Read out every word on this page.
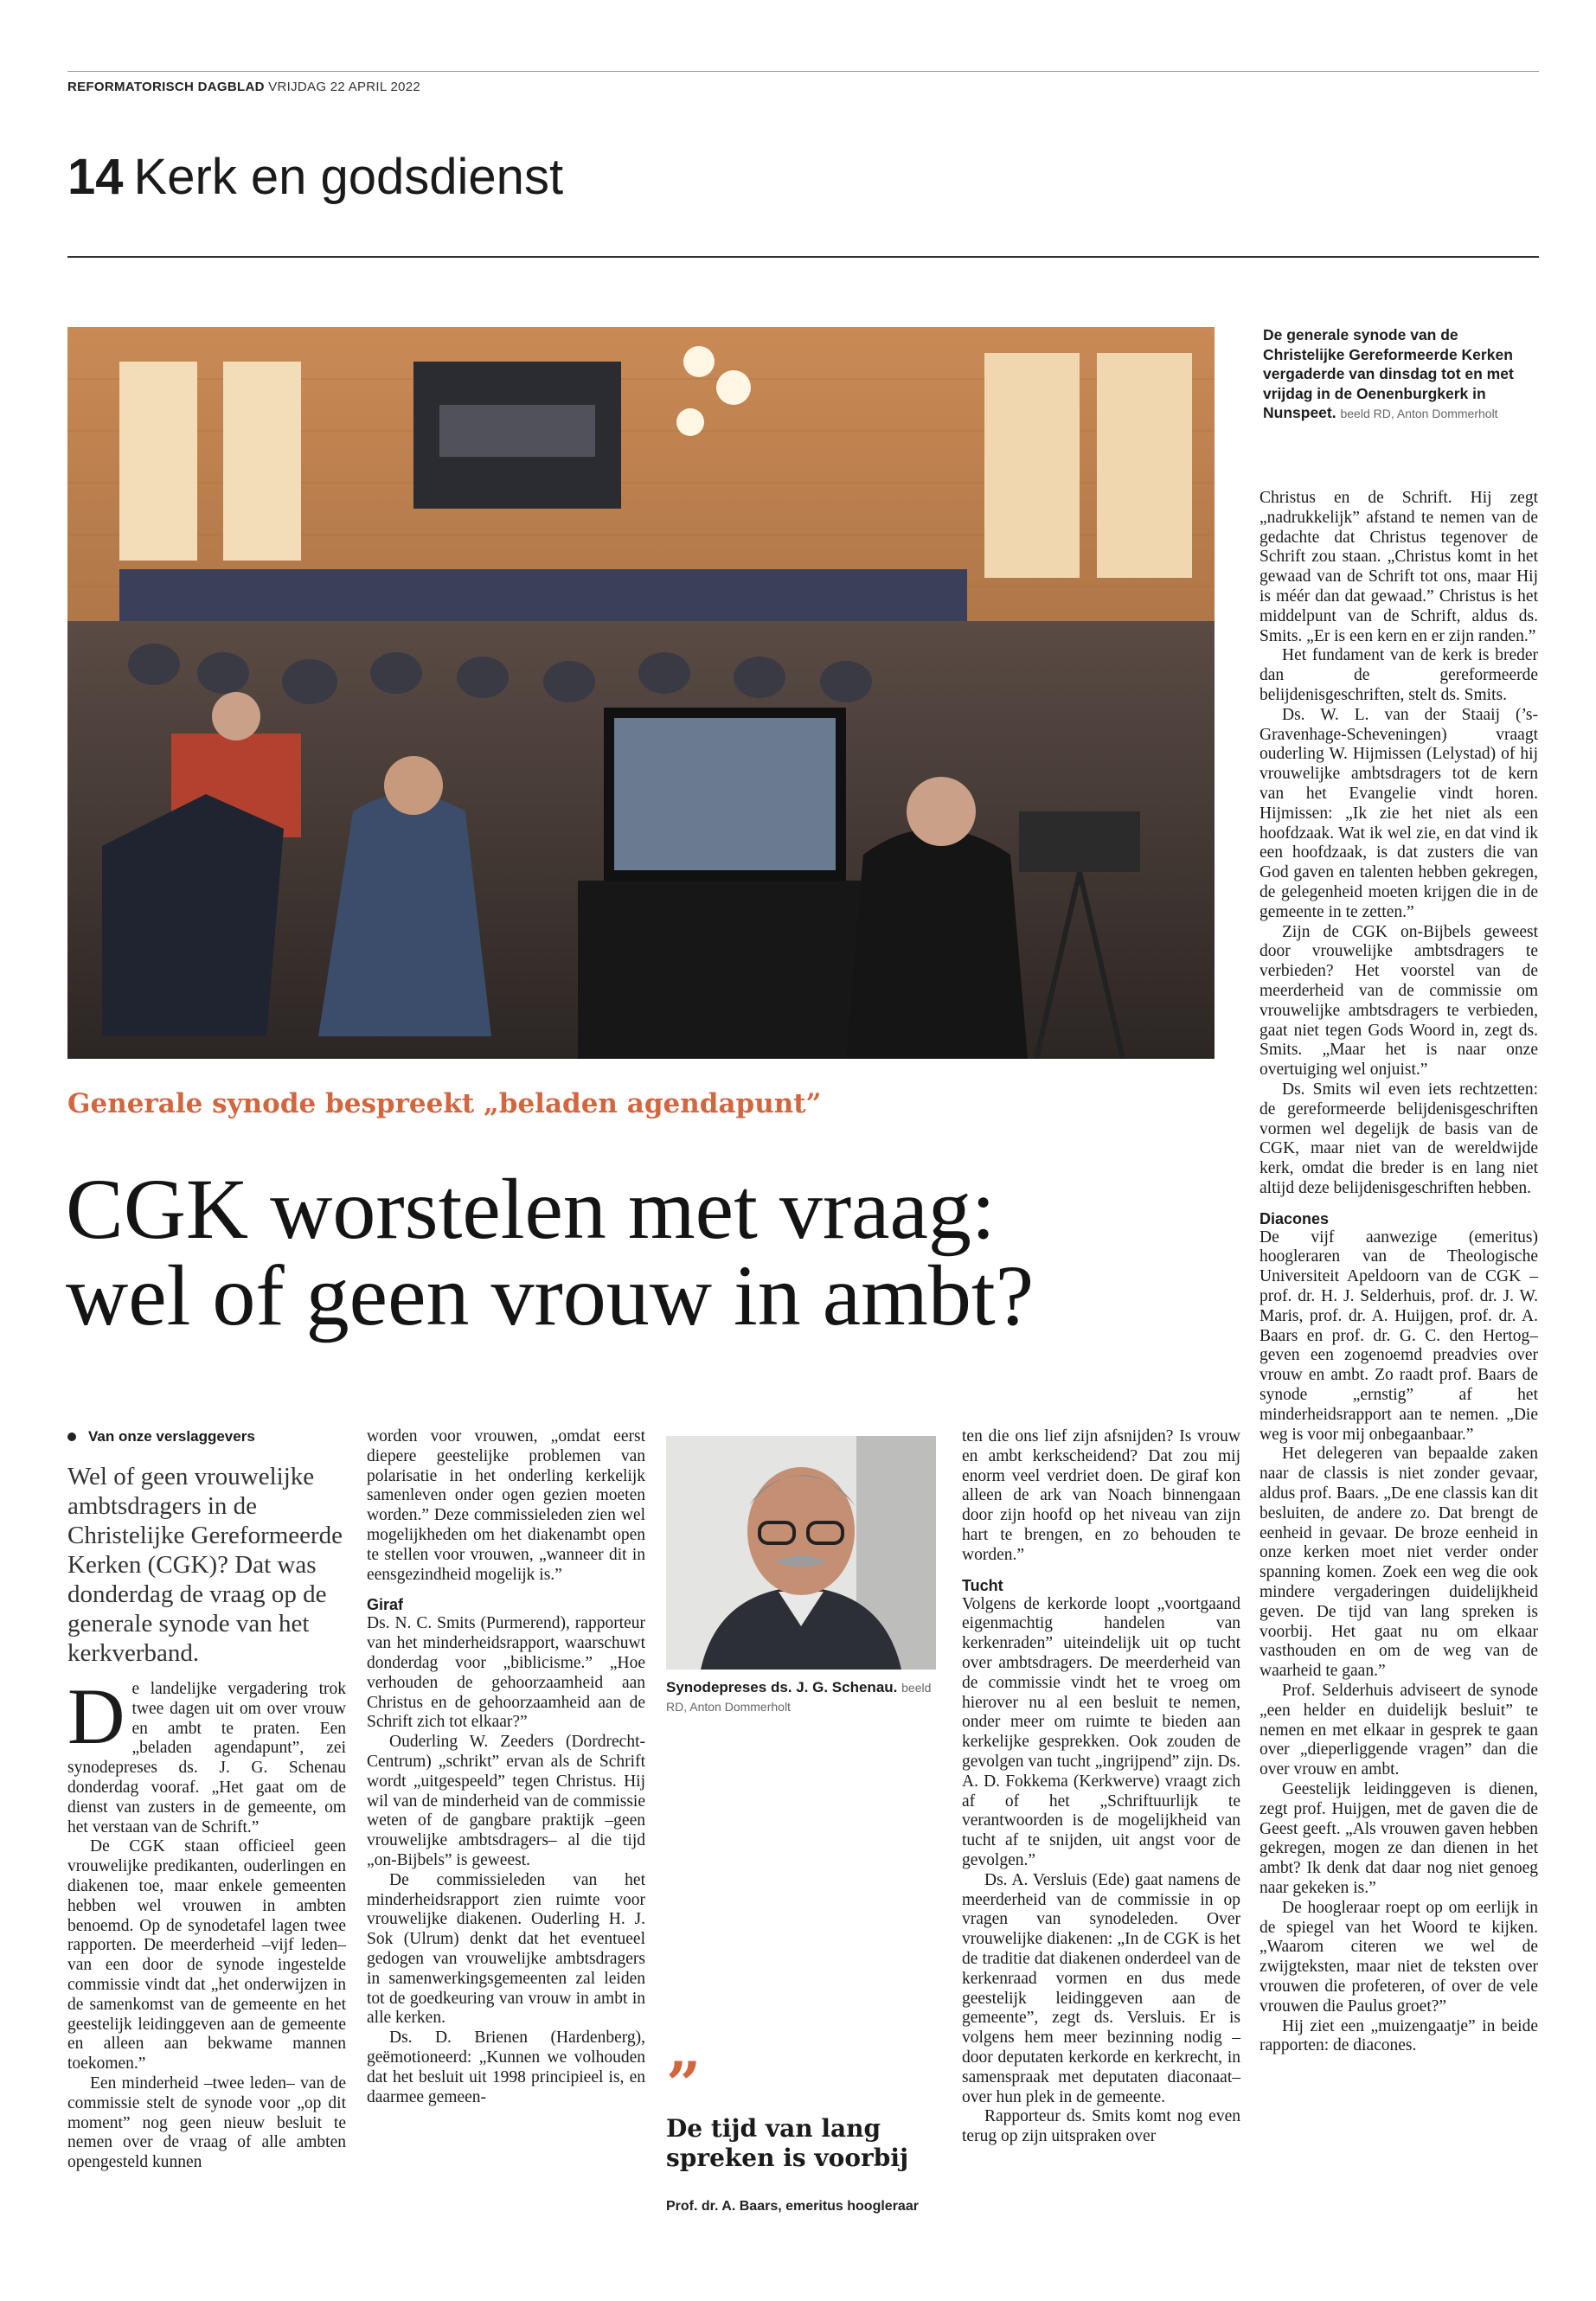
REFORMATORISCH DAGBLAD VRIJDAG 22 APRIL 2022
14 Kerk en godsdienst
De generale synode van de Christelijke Gereformeerde Kerken vergaderde van dinsdag tot en met vrijdag in de Oenenburgkerk in Nunspeet. beeld RD, Anton Dommerholt
Generale synode bespreekt „beladen agendapunt”
CGK worstelen met vraag:
wel of geen vrouw in ambt?
Van onze verslaggevers
Wel of geen vrouwelijke ambtsdragers in de Christelijke Gereformeerde Kerken (CGK)? Dat was donderdag de vraag op de generale synode van het kerkverband.
D e landelijke vergadering trok twee dagen uit om over vrouw en ambt te praten. Een „beladen agendapunt”, zei synodepreses ds. J. G. Schenau donderdag vooraf. „Het gaat om de dienst van zusters in de gemeente, om het verstaan van de Schrift.”

De CGK staan officieel geen vrouwelijke predikanten, ouderlingen en diakenen toe, maar enkele gemeenten hebben wel vrouwen in ambten benoemd. Op de synodetafel lagen twee rapporten. De meerderheid –vijf leden– van een door de synode ingestelde commissie vindt dat „het onderwijzen in de samenkomst van de gemeente en het geestelijk leidinggeven aan de gemeente en alleen aan bekwame mannen toekomen.”

Een minderheid –twee leden– van de commissie stelt de synode voor „op dit moment” nog geen nieuw besluit te nemen over de vraag of alle ambten opengesteld kunnen

worden voor vrouwen, „omdat eerst diepere geestelijke problemen van polarisatie in het onderling kerkelijk samenleven onder ogen gezien moeten worden.” Deze commissieleden zien wel mogelijkheden om het diakenambt open te stellen voor vrouwen, „wanneer dit in eensgezindheid mogelijk is.”

Giraf

Ds. N. C. Smits (Purmerend), rapporteur van het minderheidsrapport, waarschuwt donderdag voor „biblicisme.” „Hoe verhouden de gehoorzaamheid aan Christus en de gehoorzaamheid aan de Schrift zich tot elkaar?”

Ouderling W. Zeeders (Dordrecht-Centrum) „schrikt” ervan als de Schrift wordt „uitgespeeld” tegen Christus. Hij wil van de minderheid van de commissie weten of de gangbare praktijk –geen vrouwelijke ambtsdragers– al die tijd „on-Bijbels” is geweest.

De commissieleden van het minderheidsrapport zien ruimte voor vrouwelijke diakenen. Ouderling H. J. Sok (Ulrum) denkt dat het eventueel gedogen van vrouwelijke ambtsdragers in samenwerkingsgemeenten zal leiden tot de goedkeuring van vrouw in ambt in alle kerken.

Ds. D. Brienen (Hardenberg), geëmotioneerd: „Kunnen we volhouden dat het besluit uit 1998 principieel is, en daarmee gemeen-

Synodepreses ds. J. G. Schenau. beeld RD, Anton Dommerholt
”
De tijd van lang spreken is voorbij
Prof. dr. A. Baars, emeritus hoogleraar

ten die ons lief zijn afsnijden? Is vrouw en ambt kerkscheidend? Dat zou mij enorm veel verdriet doen. De giraf kon alleen de ark van Noach binnengaan door zijn hoofd op het niveau van zijn hart te brengen, en zo behouden te worden.”

Tucht

Volgens de kerkorde loopt „voortgaand eigenmachtig handelen van kerkenraden” uiteindelijk uit op tucht over ambtsdragers. De meerderheid van de commissie vindt het te vroeg om hierover nu al een besluit te nemen, onder meer om ruimte te bieden aan kerkelijke gesprekken. Ook zouden de gevolgen van tucht „ingrijpend” zijn. Ds. A. D. Fokkema (Kerkwerve) vraagt zich af of het „Schriftuurlijk te verantwoorden is de mogelijkheid van tucht af te snijden, uit angst voor de gevolgen.”

Ds. A. Versluis (Ede) gaat namens de meerderheid van de commissie in op vragen van synodeleden. Over vrouwelijke diakenen: „In de CGK is het de traditie dat diakenen onderdeel van de kerkenraad vormen en dus mede geestelijk leidinggeven aan de gemeente”, zegt ds. Versluis. Er is volgens hem meer bezinning nodig –door deputaten kerkorde en kerkrecht, in samenspraak met deputaten diaconaat– over hun plek in de gemeente.

Rapporteur ds. Smits komt nog even terug op zijn uitspraken over

Christus en de Schrift. Hij zegt „nadrukkelijk” afstand te nemen van de gedachte dat Christus tegenover de Schrift zou staan. „Christus komt in het gewaad van de Schrift tot ons, maar Hij is méér dan dat gewaad.” Christus is het middelpunt van de Schrift, aldus ds. Smits. „Er is een kern en er zijn randen.”

Het fundament van de kerk is breder dan de gereformeerde belijdenisgeschriften, stelt ds. Smits.

Ds. W. L. van der Staaij (’s-Gravenhage-Scheveningen) vraagt ouderling W. Hijmissen (Lelystad) of hij vrouwelijke ambtsdragers tot de kern van het Evangelie vindt horen. Hijmissen: „Ik zie het niet als een hoofdzaak. Wat ik wel zie, en dat vind ik een hoofdzaak, is dat zusters die van God gaven en talenten hebben gekregen, de gelegenheid moeten krijgen die in de gemeente in te zetten.”

Zijn de CGK on-Bijbels geweest door vrouwelijke ambtsdragers te verbieden? Het voorstel van de meerderheid van de commissie om vrouwelijke ambtsdragers te verbieden, gaat niet tegen Gods Woord in, zegt ds. Smits. „Maar het is naar onze overtuiging wel onjuist.”

Ds. Smits wil even iets rechtzetten: de gereformeerde belijdenisgeschriften vormen wel degelijk de basis van de CGK, maar niet van de wereldwijde kerk, omdat die breder is en lang niet altijd deze belijdenisgeschriften hebben.

Diacones

De vijf aanwezige (emeritus) hoogleraren van de Theologische Universiteit Apeldoorn van de CGK –prof. dr. H. J. Selderhuis, prof. dr. J. W. Maris, prof. dr. A. Huijgen, prof. dr. A. Baars en prof. dr. G. C. den Hertog– geven een zogenoemd preadvies over vrouw en ambt. Zo raadt prof. Baars de synode „ernstig” af het minderheidsrapport aan te nemen. „Die weg is voor mij onbegaanbaar.”

Het delegeren van bepaalde zaken naar de classis is niet zonder gevaar, aldus prof. Baars. „De ene classis kan dit besluiten, de andere zo. Dat brengt de eenheid in gevaar. De broze eenheid in onze kerken moet niet verder onder spanning komen. Zoek een weg die ook mindere vergaderingen duidelijkheid geven. De tijd van lang spreken is voorbij. Het gaat nu om elkaar vasthouden en om de weg van de waarheid te gaan.”

Prof. Selderhuis adviseert de synode „een helder en duidelijk besluit” te nemen en met elkaar in gesprek te gaan over „dieperliggende vragen” dan die over vrouw en ambt.

Geestelijk leidinggeven is dienen, zegt prof. Huijgen, met de gaven die de Geest geeft. „Als vrouwen gaven hebben gekregen, mogen ze dan dienen in het ambt? Ik denk dat daar nog niet genoeg naar gekeken is.”

De hoogleraar roept op om eerlijk in de spiegel van het Woord te kijken. „Waarom citeren we wel de zwijgteksten, maar niet de teksten over vrouwen die profeteren, of over de vele vrouwen die Paulus groet?”

Hij ziet een „muizengaatje” in beide rapporten: de diacones.
